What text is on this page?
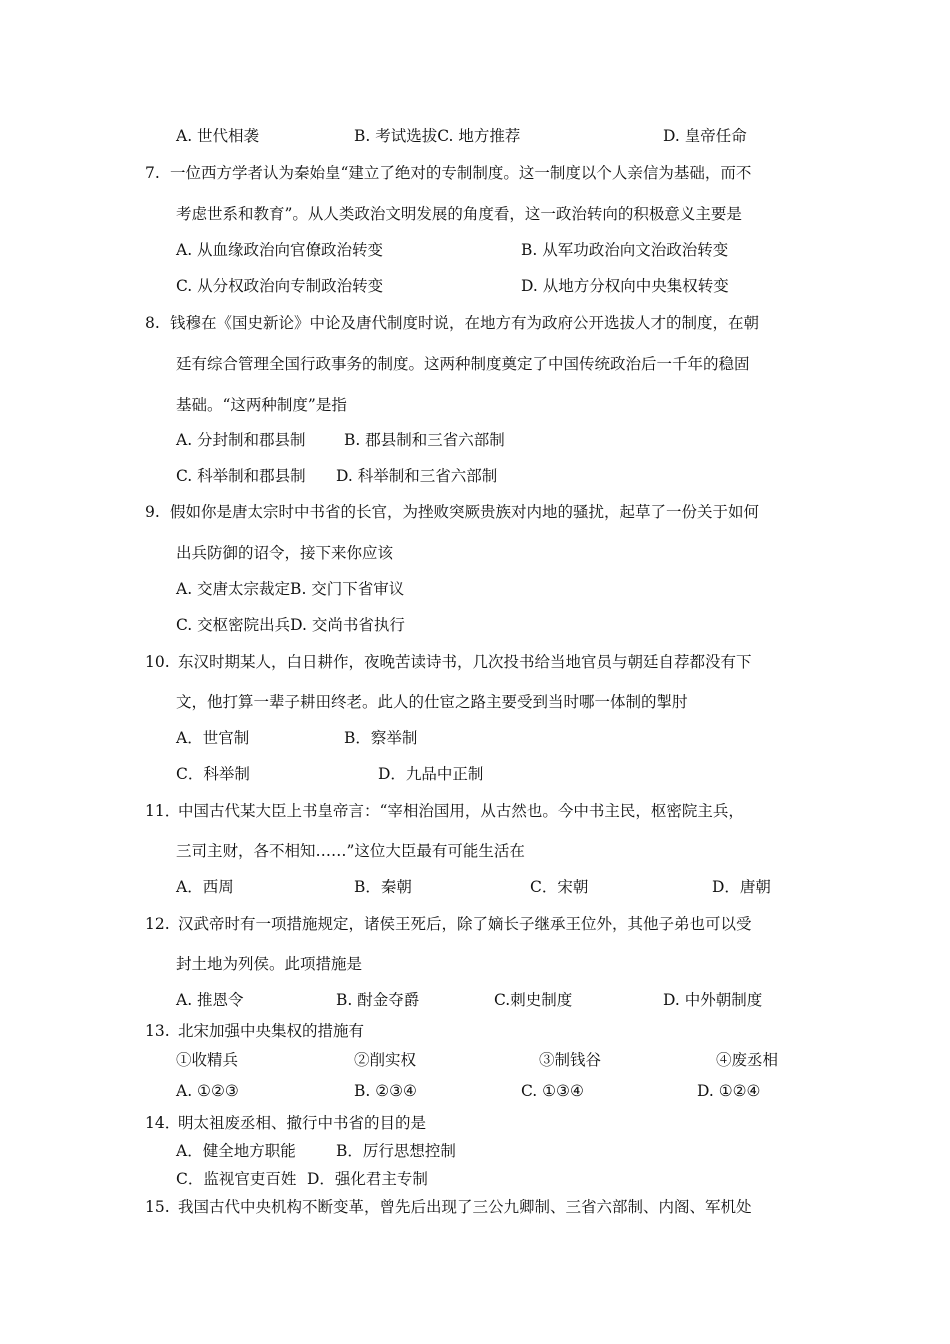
A. 世代相袭	B. 考试选拔C. 地方推荐	D. 皇帝任命
7. 一位西方学者认为秦始皇“建立了绝对的专制制度。这一制度以个人亲信为基础，而不
考虑世系和教育”。从人类政治文明发展的角度看，这一政治转向的积极意义主要是
A. 从血缘政治向官僚政治转变	B. 从军功政治向文治政治转变
C. 从分权政治向专制政治转变	D. 从地方分权向中央集权转变
8. 钱穆在《国史新论》中论及唐代制度时说，在地方有为政府公开选拔人才的制度，在朝
廷有综合管理全国行政事务的制度。这两种制度奠定了中国传统政治后一千年的稳固
基础。“这两种制度”是指
A. 分封制和郡县制 B. 郡县制和三省六部制
C. 科举制和郡县制 D. 科举制和三省六部制
9. 假如你是唐太宗时中书省的长官，为挫败突厥贵族对内地的骚扰，起草了一份关于如何
出兵防御的诏令，接下来你应该
A. 交唐太宗裁定B. 交门下省审议
C. 交枢密院出兵D. 交尚书省执行
10. 东汉时期某人，白日耕作，夜晚苦读诗书，几次投书给当地官员与朝廷自荐都没有下
文，他打算一辈子耕田终老。此人的仕宦之路主要受到当时哪一体制的掣肘
A．世官制	B．察举制
C．科举制	D．九品中正制
11．
中国古代某大臣上书皇帝言：“宰相治国用，从古然也。今中书主民，枢密院主兵，
三司主财，各不相知……”这位大臣最有可能生活在
A．西周	B．秦朝	C．宋朝	D．唐朝
12. 汉武帝时有一项措施规定，诸侯王死后，除了嫡长子继承王位外，其他子弟也可以受
封土地为列侯。此项措施是
A. 推恩令	B. 酎金夺爵	C.刺史制度	D. 中外朝制度
13. 北宋加强中央集权的措施有
①收精兵	②削实权	③制钱谷	④废丞相
A. ①②③	B. ②③④	C. ①③④	D. ①②④
14．
明太祖废丞相、撤行中书省的目的是
A．健全地方职能	B．厉行思想控制
C．监视官吏百姓 D．强化君主专制
15. 我国古代中央机构不断变革，曾先后出现了三公九卿制、三省六部制、内阁、军机处
